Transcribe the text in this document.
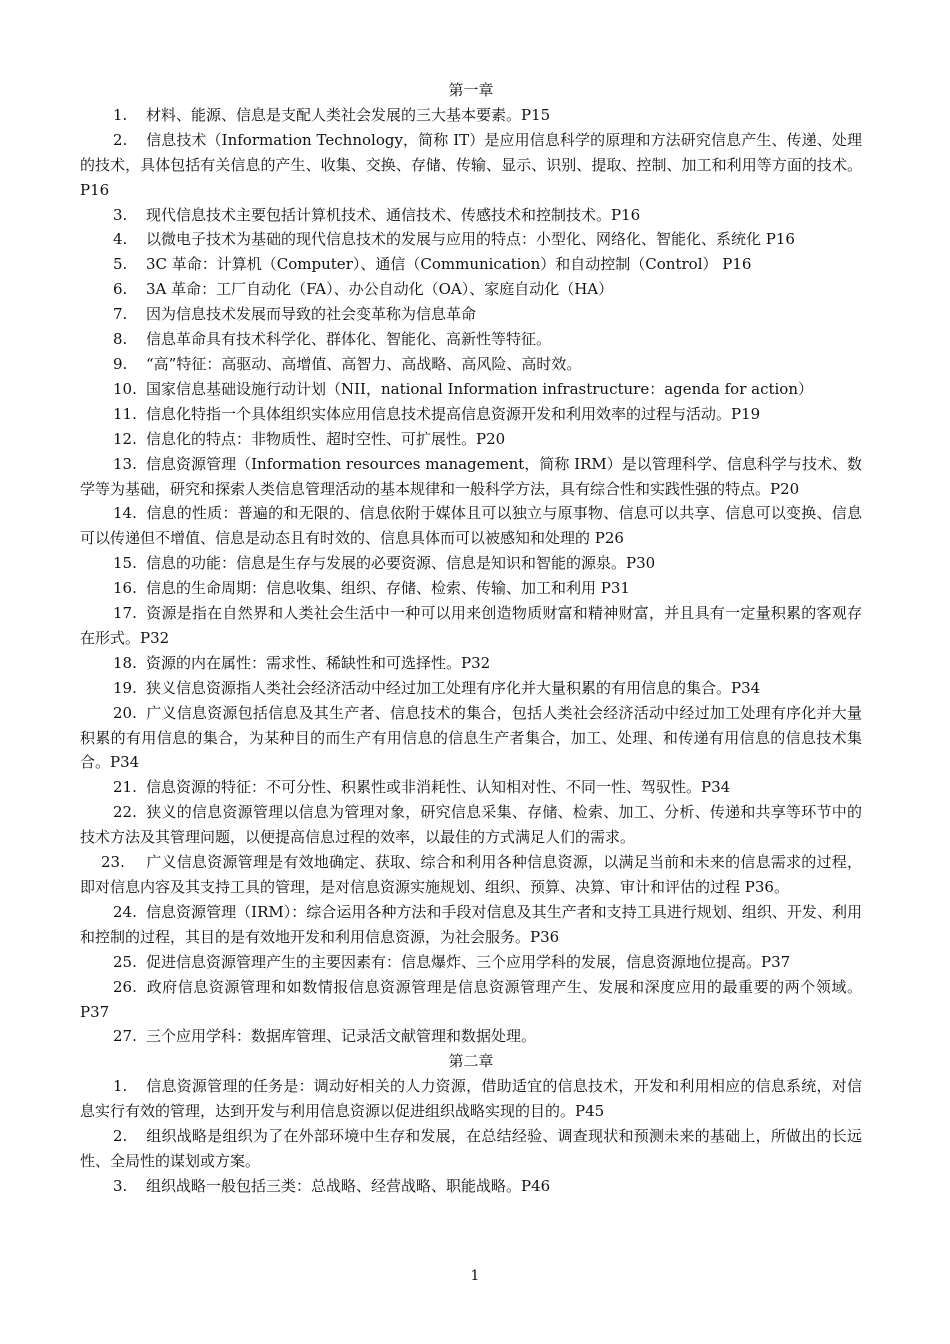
第一章
1. 材料、能源、信息是支配人类社会发展的三大基本要素。P15
2. 信息技术（Information Technology，简称 IT）是应用信息科学的原理和方法研究信息产生、传递、处理的技术，具体包括有关信息的产生、收集、交换、存储、传输、显示、识别、提取、控制、加工和利用等方面的技术。P16
3. 现代信息技术主要包括计算机技术、通信技术、传感技术和控制技术。P16
4. 以微电子技术为基础的现代信息技术的发展与应用的特点：小型化、网络化、智能化、系统化 P16
5. 3C 革命：计算机（Computer）、通信（Communication）和自动控制（Control） P16
6. 3A 革命：工厂自动化（FA）、办公自动化（OA）、家庭自动化（HA）
7. 因为信息技术发展而导致的社会变革称为信息革命
8. 信息革命具有技术科学化、群体化、智能化、高新性等特征。
9. “高”特征：高驱动、高增值、高智力、高战略、高风险、高时效。
10. 国家信息基础设施行动计划（NII，national Information infrastructure：agenda for action）
11. 信息化特指一个具体组织实体应用信息技术提高信息资源开发和利用效率的过程与活动。P19
12. 信息化的特点：非物质性、超时空性、可扩展性。P20
13. 信息资源管理（Information resources management，简称 IRM）是以管理科学、信息科学与技术、数学等为基础，研究和探索人类信息管理活动的基本规律和一般科学方法，具有综合性和实践性强的特点。P20
14. 信息的性质：普遍的和无限的、信息依附于媒体且可以独立与原事物、信息可以共享、信息可以变换、信息可以传递但不增值、信息是动态且有时效的、信息具体而可以被感知和处理的 P26
15. 信息的功能：信息是生存与发展的必要资源、信息是知识和智能的源泉。P30
16. 信息的生命周期：信息收集、组织、存储、检索、传输、加工和利用 P31
17. 资源是指在自然界和人类社会生活中一种可以用来创造物质财富和精神财富，并且具有一定量积累的客观存在形式。P32
18. 资源的内在属性：需求性、稀缺性和可选择性。P32
19. 狭义信息资源指人类社会经济活动中经过加工处理有序化并大量积累的有用信息的集合。P34
20. 广义信息资源包括信息及其生产者、信息技术的集合，包括人类社会经济活动中经过加工处理有序化并大量积累的有用信息的集合，为某种目的而生产有用信息的信息生产者集合，加工、处理、和传递有用信息的信息技术集合。P34
21. 信息资源的特征：不可分性、积累性或非消耗性、认知相对性、不同一性、驾驭性。P34
22. 狭义的信息资源管理以信息为管理对象，研究信息采集、存储、检索、加工、分析、传递和共享等环节中的技术方法及其管理问题，以便提高信息过程的效率，以最佳的方式满足人们的需求。
23. 广义信息资源管理是有效地确定、获取、综合和利用各种信息资源，以满足当前和未来的信息需求的过程，即对信息内容及其支持工具的管理，是对信息资源实施规划、组织、预算、决算、审计和评估的过程 P36。
24. 信息资源管理（IRM）：综合运用各种方法和手段对信息及其生产者和支持工具进行规划、组织、开发、利用和控制的过程，其目的是有效地开发和利用信息资源，为社会服务。P36
25. 促进信息资源管理产生的主要因素有：信息爆炸、三个应用学科的发展，信息资源地位提高。P37
26. 政府信息资源管理和如数情报信息资源管理是信息资源管理产生、发展和深度应用的最重要的两个领域。P37
27. 三个应用学科：数据库管理、记录活文献管理和数据处理。
第二章
1. 信息资源管理的任务是：调动好相关的人力资源，借助适宜的信息技术，开发和利用相应的信息系统，对信息实行有效的管理，达到开发与利用信息资源以促进组织战略实现的目的。P45
2. 组织战略是组织为了在外部环境中生存和发展，在总结经验、调查现状和预测未来的基础上，所做出的长远性、全局性的谋划或方案。
3. 组织战略一般包括三类：总战略、经营战略、职能战略。P46
1
